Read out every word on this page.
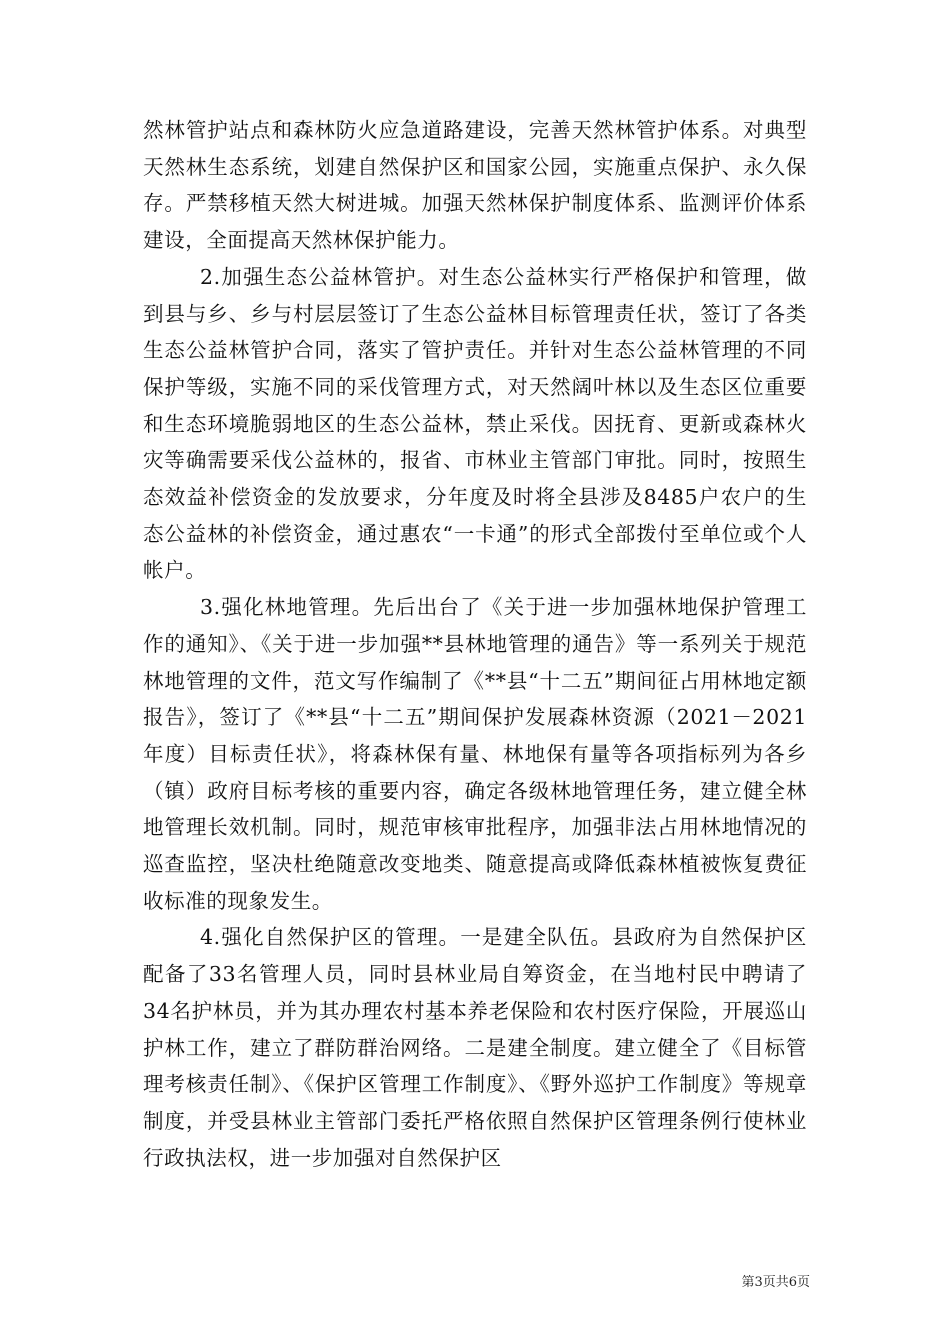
然林管护站点和森林防火应急道路建设，完善天然林管护体系。对典型天然林生态系统，划建自然保护区和国家公园，实施重点保护、永久保存。严禁移植天然大树进城。加强天然林保护制度体系、监测评价体系建设，全面提高天然林保护能力。

2.加强生态公益林管护。对生态公益林实行严格保护和管理，做到县与乡、乡与村层层签订了生态公益林目标管理责任状，签订了各类生态公益林管护合同，落实了管护责任。并针对生态公益林管理的不同保护等级，实施不同的采伐管理方式，对天然阔叶林以及生态区位重要和生态环境脆弱地区的生态公益林，禁止采伐。因抚育、更新或森林火灾等确需要采伐公益林的，报省、市林业主管部门审批。同时，按照生态效益补偿资金的发放要求，分年度及时将全县涉及8485户农户的生态公益林的补偿资金，通过惠农“一卡通”的形式全部拨付至单位或个人帐户。

3.强化林地管理。先后出台了《关于进一步加强林地保护管理工作的通知》、《关于进一步加强**县林地管理的通告》等一系列关于规范林地管理的文件，范文写作编制了《**县“十二五”期间征占用林地定额报告》，签订了《**县“十二五”期间保护发展森林资源（2021－2021年度）目标责任状》，将森林保有量、林地保有量等各项指标列为各乡（镇）政府目标考核的重要内容，确定各级林地管理任务，建立健全林地管理长效机制。同时，规范审核审批程序，加强非法占用林地情况的巡查监控，坚决杜绝随意改变地类、随意提高或降低森林植被恢复费征收标准的现象发生。

4.强化自然保护区的管理。一是建全队伍。县政府为自然保护区配备了33名管理人员，同时县林业局自筹资金，在当地村民中聘请了34名护林员，并为其办理农村基本养老保险和农村医疗保险，开展巡山护林工作，建立了群防群治网络。二是建全制度。建立健全了《目标管理考核责任制》、《保护区管理工作制度》、《野外巡护工作制度》等规章制度，并受县林业主管部门委托严格依照自然保护区管理条例行使林业行政执法权，进一步加强对自然保护区

第3页共6页
